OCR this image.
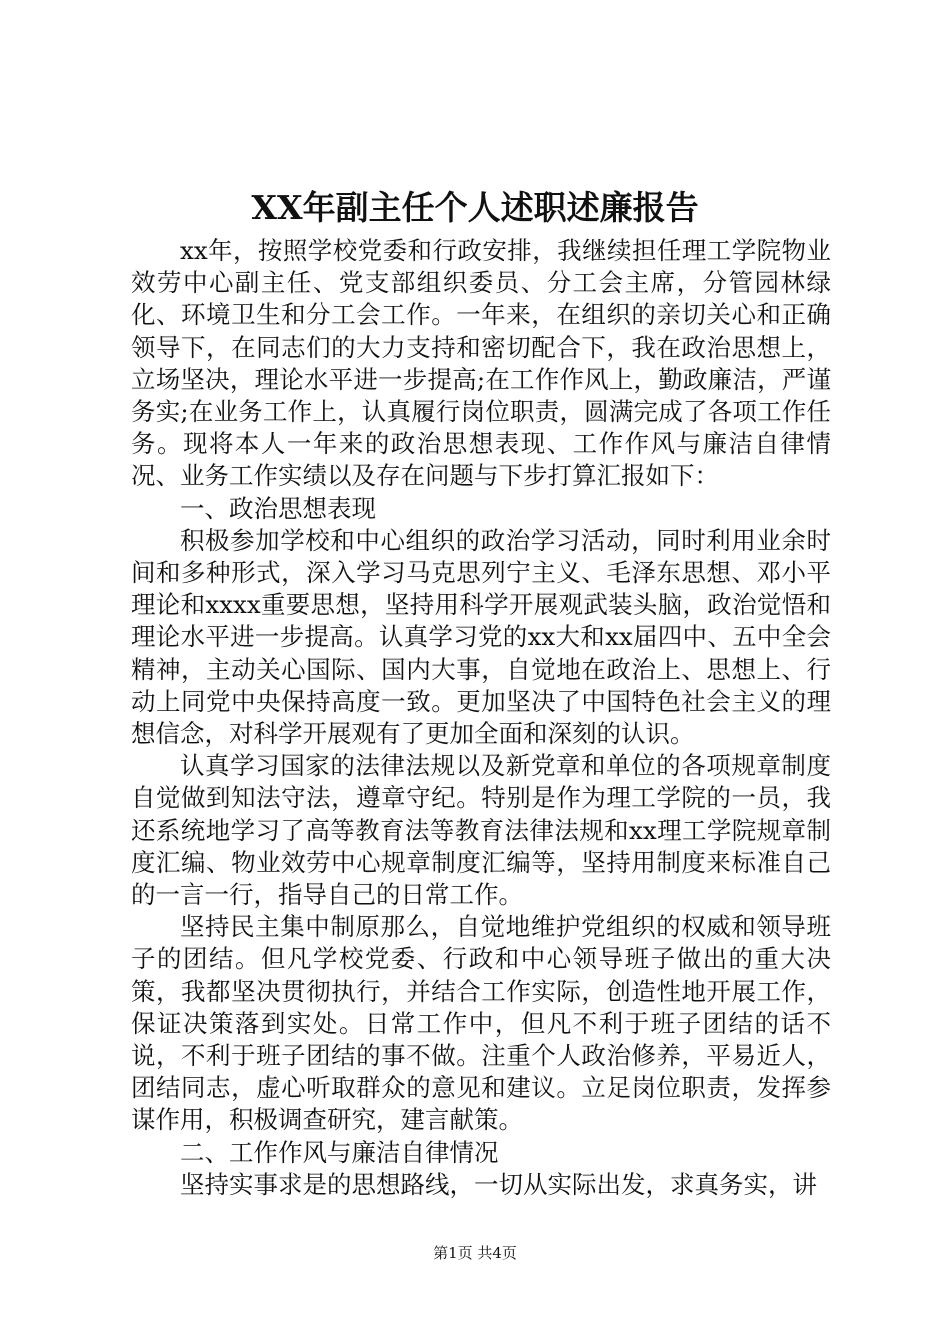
XX年副主任个人述职述廉报告

xx年，按照学校党委和行政安排，我继续担任理工学院物业效劳中心副主任、党支部组织委员、分工会主席，分管园林绿化、环境卫生和分工会工作。一年来，在组织的亲切关心和正确领导下，在同志们的大力支持和密切配合下，我在政治思想上，立场坚决，理论水平进一步提高;在工作作风上，勤政廉洁，严谨务实;在业务工作上，认真履行岗位职责，圆满完成了各项工作任务。现将本人一年来的政治思想表现、工作作风与廉洁自律情况、业务工作实绩以及存在问题与下步打算汇报如下：

一、政治思想表现

积极参加学校和中心组织的政治学习活动，同时利用业余时间和多种形式，深入学习马克思列宁主义、毛泽东思想、邓小平理论和xxxx重要思想，坚持用科学开展观武装头脑，政治觉悟和理论水平进一步提高。认真学习党的xx大和xx届四中、五中全会精神，主动关心国际、国内大事，自觉地在政治上、思想上、行动上同党中央保持高度一致。更加坚决了中国特色社会主义的理想信念，对科学开展观有了更加全面和深刻的认识。

认真学习国家的法律法规以及新党章和单位的各项规章制度自觉做到知法守法，遵章守纪。特别是作为理工学院的一员，我还系统地学习了高等教育法等教育法律法规和xx理工学院规章制度汇编、物业效劳中心规章制度汇编等，坚持用制度来标准自己的一言一行，指导自己的日常工作。

坚持民主集中制原那么，自觉地维护党组织的权威和领导班子的团结。但凡学校党委、行政和中心领导班子做出的重大决策，我都坚决贯彻执行，并结合工作实际，创造性地开展工作，保证决策落到实处。日常工作中，但凡不利于班子团结的话不说，不利于班子团结的事不做。注重个人政治修养，平易近人，团结同志，虚心听取群众的意见和建议。立足岗位职责，发挥参谋作用，积极调查研究，建言献策。

二、工作作风与廉洁自律情况

坚持实事求是的思想路线，一切从实际出发，求真务实，讲

第1页 共4页
